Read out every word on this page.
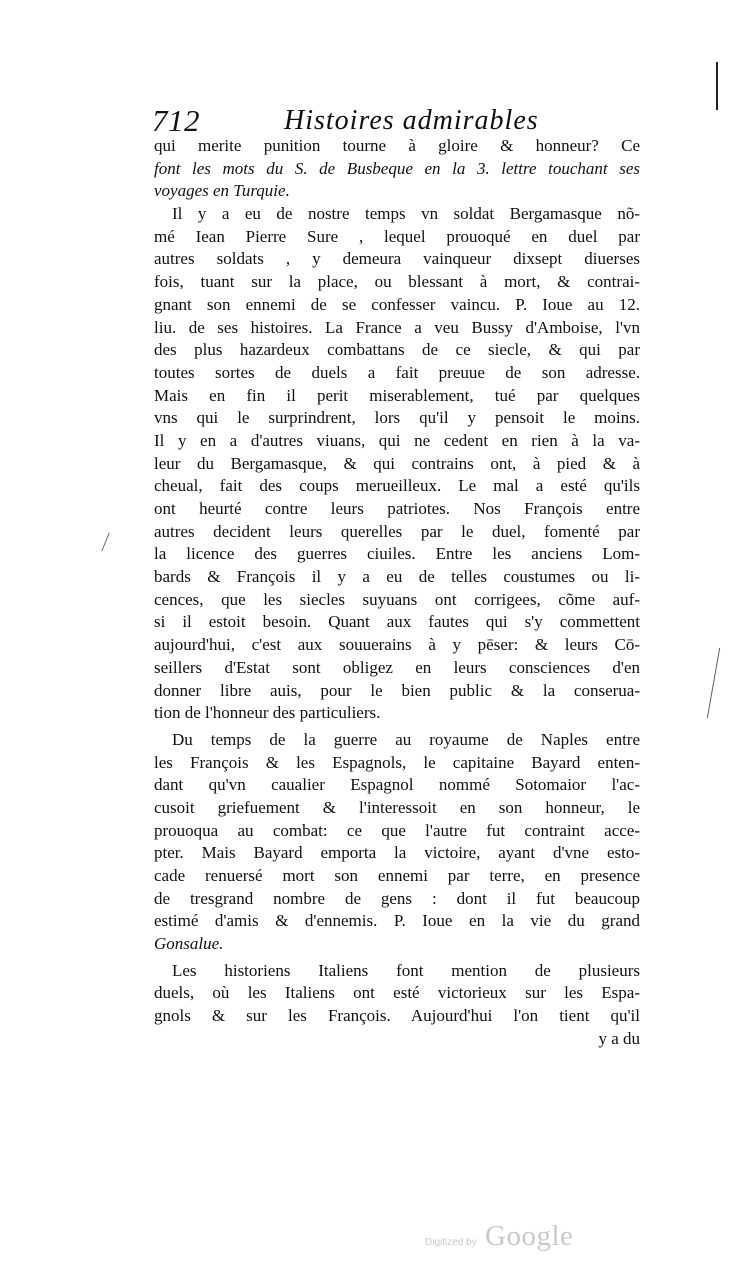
712	Histoires admirables
qui merite punition tourne à gloire & honneur? Ce
font les mots du S. de Busbeque en la 3. lettre touchant ses
voyages en Turquie.
Il y a eu de nostre temps vn soldat Bergamasque nõ-
mé Iean Pierre Sure , lequel prouoqué en duel par
autres soldats , y demeura vainqueur dixsept diuerses
fois, tuant sur la place, ou blessant à mort, & contrai-
gnant son ennemi de se confesser vaincu. P. Ioue au 12.
liu. de ses histoires. La France a veu Bussy d'Amboise, l'vn
des plus hazardeux combattans de ce siecle, & qui par
toutes sortes de duels a fait preuue de son adresse.
Mais en fin il perit miserablement, tué par quelques
vns qui le surprindrent, lors qu'il y pensoit le moins.
Il y en a d'autres viuans, qui ne cedent en rien à la va-
leur du Bergamasque, & qui contrains ont, à pied & à
cheual, fait des coups merueilleux. Le mal a esté qu'ils
ont heurté contre leurs patriotes. Nos François entre
autres decident leurs querelles par le duel, fomenté par
la licence des guerres ciuiles. Entre les anciens Lom-
bards & François il y a eu de telles coustumes ou li-
cences, que les siecles suyuans ont corrigees, cõme auf-
si il estoit besoin. Quant aux fautes qui s'y commettent
aujourd'hui, c'est aux souuerains à y pēser: & leurs Cō-
seillers d'Estat sont obligez en leurs consciences d'en
donner libre auis, pour le bien public & la conserua-
tion de l'honneur des particuliers.
Du temps de la guerre au royaume de Naples entre
les François & les Espagnols, le capitaine Bayard enten-
dant qu'vn caualier Espagnol nommé Sotomaior l'ac-
cusoit griefuement & l'interessoit en son honneur, le
prouoqua au combat: ce que l'autre fut contraint acce-
pter. Mais Bayard emporta la victoire, ayant d'vne esto-
cade renuersé mort son ennemi par terre, en presence
de tresgrand nombre de gens : dont il fut beaucoup
estimé d'amis & d'ennemis. P. Ioue en la vie du grand
Gonsalue.
Les historiens Italiens font mention de plusieurs
duels, où les Italiens ont esté victorieux sur les Espa-
gnols & sur les François. Aujourd'hui l'on tient qu'il
y a du
Digitized by Google
